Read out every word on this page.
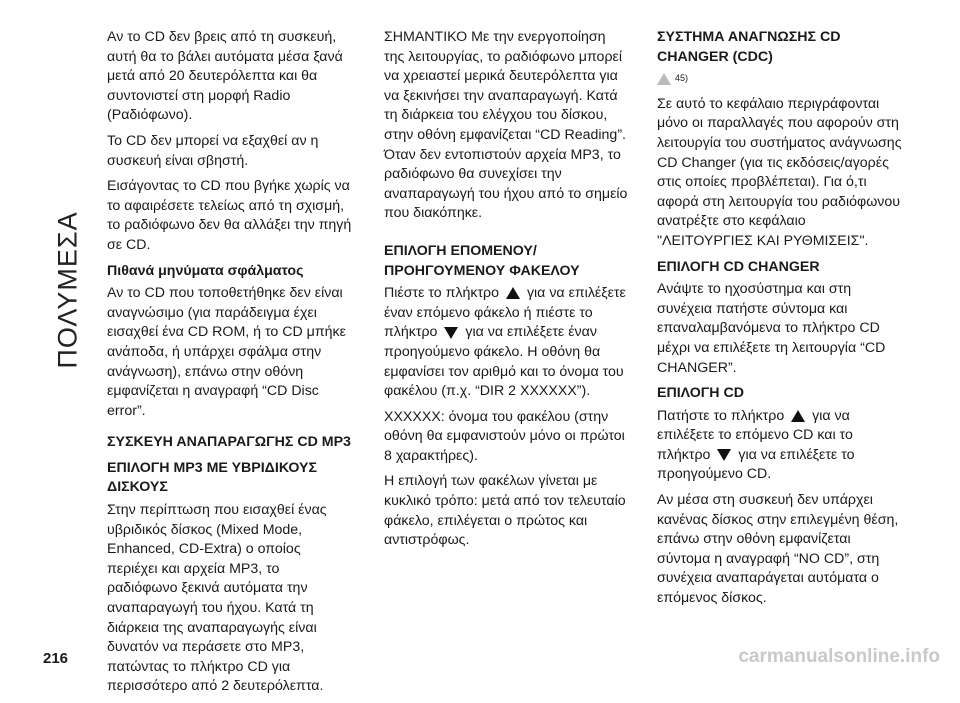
ΠΟΛΥΜΕΣΑ

Αν το CD δεν βρεις από τη συσκευή, αυτή θα το βάλει αυτόματα μέσα ξανά μετά από 20 δευτερόλεπτα και θα συντονιστεί στη μορφή Radio (Ραδιόφωνο).

Το CD δεν μπορεί να εξαχθεί αν η συσκευή είναι σβηστή.

Εισάγοντας το CD που βγήκε χωρίς να το αφαιρέσετε τελείως από τη σχισμή, το ραδιόφωνο δεν θα αλλάξει την πηγή σε CD.

Πιθανά μηνύματα σφάλματος

Αν το CD που τοποθετήθηκε δεν είναι αναγνώσιμο (για παράδειγμα έχει εισαχθεί ένα CD ROM, ή το CD μπήκε ανάποδα, ή υπάρχει σφάλμα στην ανάγνωση), επάνω στην οθόνη εμφανίζεται η αναγραφή “CD Disc error”.

ΣΥΣΚΕΥΗ ΑΝΑΠΑΡΑΓΩΓΗΣ CD MP3
ΕΠΙΛΟΓΗ MP3 ΜΕ ΥΒΡΙΔΙΚΟΥΣ ΔΙΣΚΟΥΣ

Στην περίπτωση που εισαχθεί ένας υβριδικός δίσκος (Mixed Mode, Enhanced, CD-Extra) ο οποίος περιέχει και αρχεία MP3, το ραδιόφωνο ξεκινά αυτόματα την αναπαραγωγή του ήχου. Κατά τη διάρκεια της αναπαραγωγής είναι δυνατόν να περάσετε στο MP3, πατώντας το πλήκτρο CD για περισσότερο από 2 δευτερόλεπτα.

ΣΗΜΑΝΤΙΚΟ Με την ενεργοποίηση της λειτουργίας, το ραδιόφωνο μπορεί να χρειαστεί μερικά δευτερόλεπτα για να ξεκινήσει την αναπαραγωγή. Κατά τη διάρκεια του ελέγχου του δίσκου, στην οθόνη εμφανίζεται “CD Reading”. Όταν δεν εντοπιστούν αρχεία MP3, το ραδιόφωνο θα συνεχίσει την αναπαραγωγή του ήχου από το σημείο που διακόπηκε.

ΕΠΙΛΟΓΗ ΕΠΟΜΕΝΟΥ/ΠΡΟΗΓΟΥΜΕΝΟΥ ΦΑΚΕΛΟΥ

Πιέστε το πλήκτρο για να επιλέξετε έναν επόμενο φάκελο ή πιέστε το πλήκτρο για να επιλέξετε έναν προηγούμενο φάκελο. Η οθόνη θα εμφανίσει τον αριθμό και το όνομα του φακέλου (π.χ. “DIR 2 XXXXXX”).

XXXXXX: όνομα του φακέλου (στην οθόνη θα εμφανιστούν μόνο οι πρώτοι 8 χαρακτήρες).

Η επιλογή των φακέλων γίνεται με κυκλικό τρόπο: μετά από τον τελευταίο φάκελο, επιλέγεται ο πρώτος και αντιστρόφως.

ΣΥΣΤΗΜΑ ΑΝΑΓΝΩΣΗΣ CD CHANGER (CDC)
45)

Σε αυτό το κεφάλαιο περιγράφονται μόνο οι παραλλαγές που αφορούν στη λειτουργία του συστήματος ανάγνωσης CD Changer (για τις εκδόσεις/αγορές στις οποίες προβλέπεται). Για ό,τι αφορά στη λειτουργία του ραδιόφωνου ανατρέξτε στο κεφάλαιο "ΛΕΙΤΟΥΡΓΙΕΣ ΚΑΙ ΡΥΘΜΙΣΕΙΣ".

ΕΠΙΛΟΓΗ CD CHANGER

Ανάψτε το ηχοσύστημα και στη συνέχεια πατήστε σύντομα και επαναλαμβανόμενα το πλήκτρο CD μέχρι να επιλέξετε τη λειτουργία “CD CHANGER”.

ΕΠΙΛΟΓΗ CD

Πατήστε το πλήκτρο για να επιλέξετε το επόμενο CD και το πλήκτρο για να επιλέξετε το προηγούμενο CD.

Αν μέσα στη συσκευή δεν υπάρχει κανένας δίσκος στην επιλεγμένη θέση, επάνω στην οθόνη εμφανίζεται σύντομα η αναγραφή “NO CD”, στη συνέχεια αναπαράγεται αυτόματα ο επόμενος δίσκος.

216	carmanualsonline.info
